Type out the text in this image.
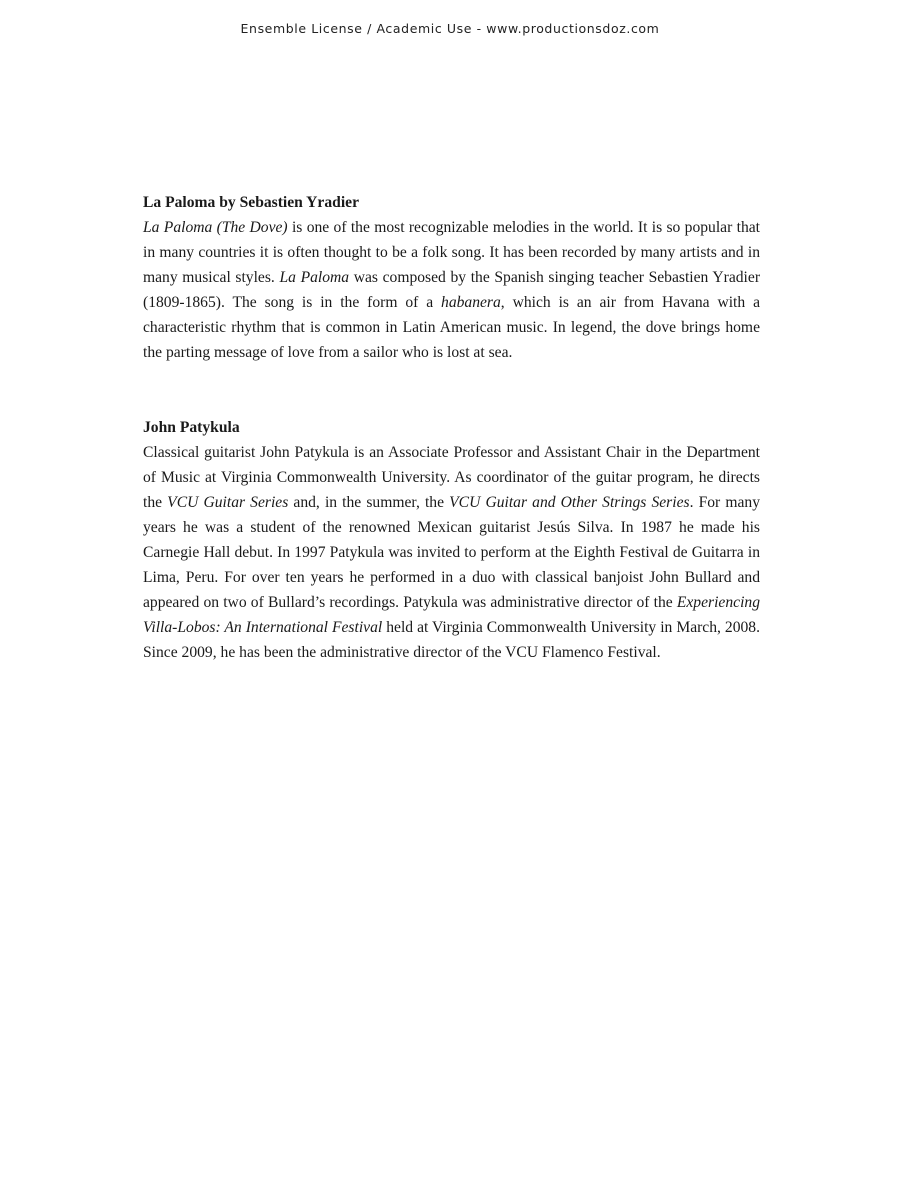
Ensemble License / Academic Use - www.productionsdoz.com
La Paloma by Sebastien Yradier

La Paloma (The Dove) is one of the most recognizable melodies in the world. It is so popular that in many countries it is often thought to be a folk song. It has been recorded by many artists and in many musical styles. La Paloma was composed by the Spanish singing teacher Sebastien Yradier (1809-1865). The song is in the form of a habanera, which is an air from Havana with a characteristic rhythm that is common in Latin American music. In legend, the dove brings home the parting message of love from a sailor who is lost at sea.

John Patykula

Classical guitarist John Patykula is an Associate Professor and Assistant Chair in the Department of Music at Virginia Commonwealth University. As coordinator of the guitar program, he directs the VCU Guitar Series and, in the summer, the VCU Guitar and Other Strings Series. For many years he was a student of the renowned Mexican guitarist Jesús Silva. In 1987 he made his Carnegie Hall debut. In 1997 Patykula was invited to perform at the Eighth Festival de Guitarra in Lima, Peru. For over ten years he performed in a duo with classical banjoist John Bullard and appeared on two of Bullard’s recordings. Patykula was administrative director of the Experiencing Villa-Lobos: An International Festival held at Virginia Commonwealth University in March, 2008. Since 2009, he has been the administrative director of the VCU Flamenco Festival.
